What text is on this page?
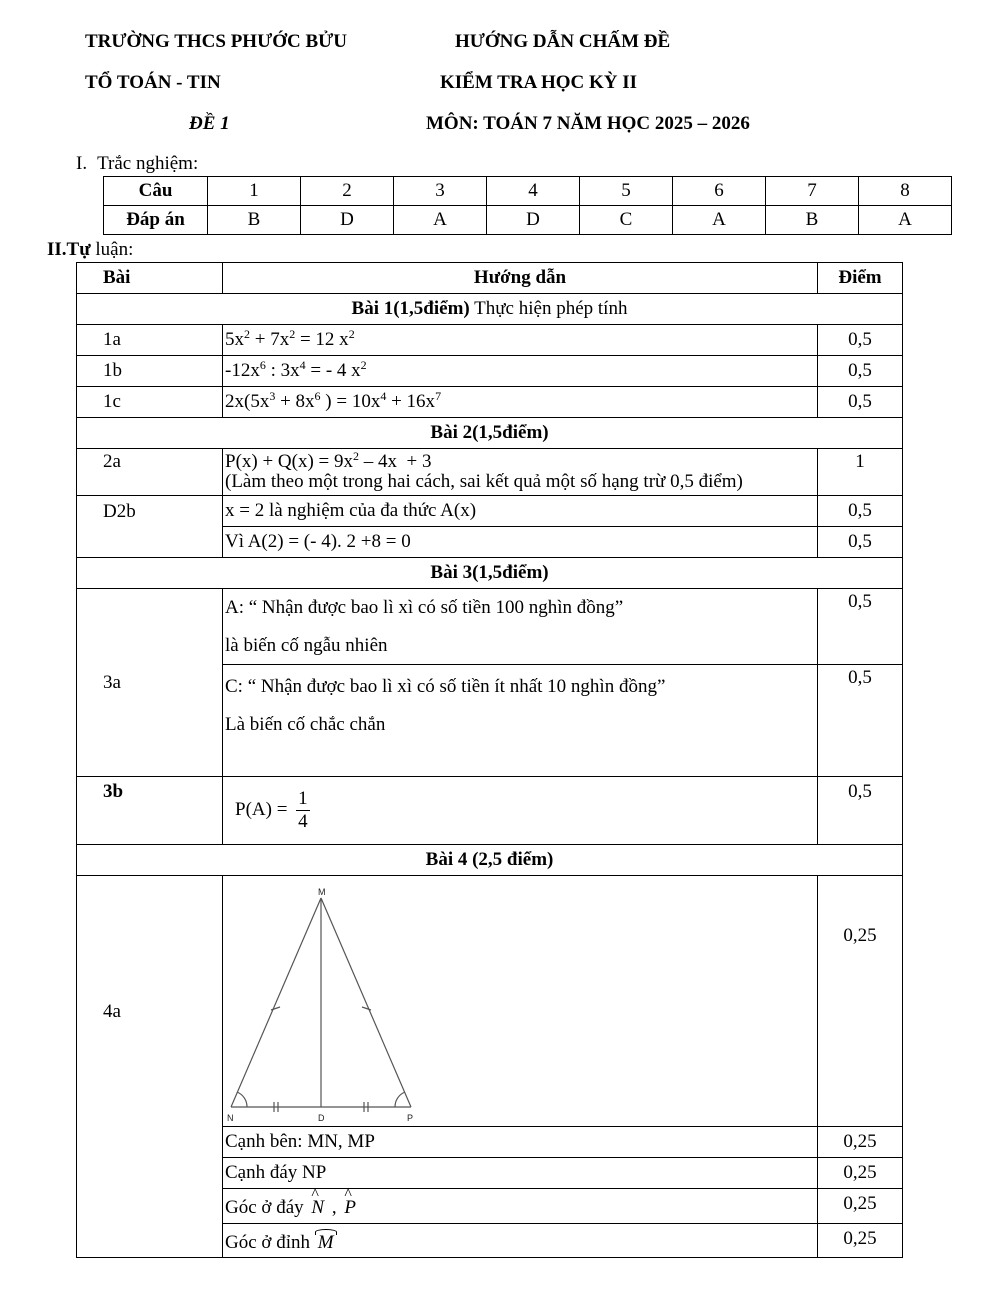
TRƯỜNG THCS PHƯỚC BỬU	HƯỚNG DẪN CHẤM ĐỀ
TỔ TOÁN - TIN	KIỂM TRA HỌC KỲ II
ĐỀ 1	MÔN: TOÁN 7 NĂM HỌC 2025 – 2026
I. Trắc nghiệm:
Câu	1	2	3	4	5	6	7	8
Đáp án	B	D	A	D	C	A	B	A
II.Tự luận:
Bài	Hướng dẫn	Điểm
Bài 1(1,5điểm) Thực hiện phép tính		
1a	$5x^2 + 7x^2 = 12$ $x^2$	0,5
1b	$-12x^6$ : $3x^4$ = - 4 $x^2$	0,5
1c	$2x(5x^3 + 8x^6$ ) = $10x^4 + 16x^7$	0,5
Bài 2(1,5điểm)		
2a	$P(x) + Q(x) = 9x^2 - 4x + 3$
(Làm theo một trong hai cách, sai kết quả một số hạng trừ 0,5 điểm)	1
D2b	x = 2 là nghiệm của đa thức A(x)	0,5
	Vì A(2) = (- 4). 2 +8 = 0	0,5
Bài 3(1,5điểm)		
3a	A: “ Nhận được bao lì xì có số tiền 100 nghìn đồng”
là biến cố ngẫu nhiên	0,5

	C: “ Nhận được bao lì xì có số tiền ít nhất 10 nghìn đồng”
Là biến cố chắc chắn	0,5
3b	$P(A) = \frac{1}{4}$	0,5
Bài 4 (2,5 điểm)		
4a	M
N D P	0,25
	Cạnh bên: MN, MP	0,25
	Cạnh đáy NP	0,25
	Góc ở đáy ^ N , ^ P	0,25
	Góc ở đỉnh M	0,25
